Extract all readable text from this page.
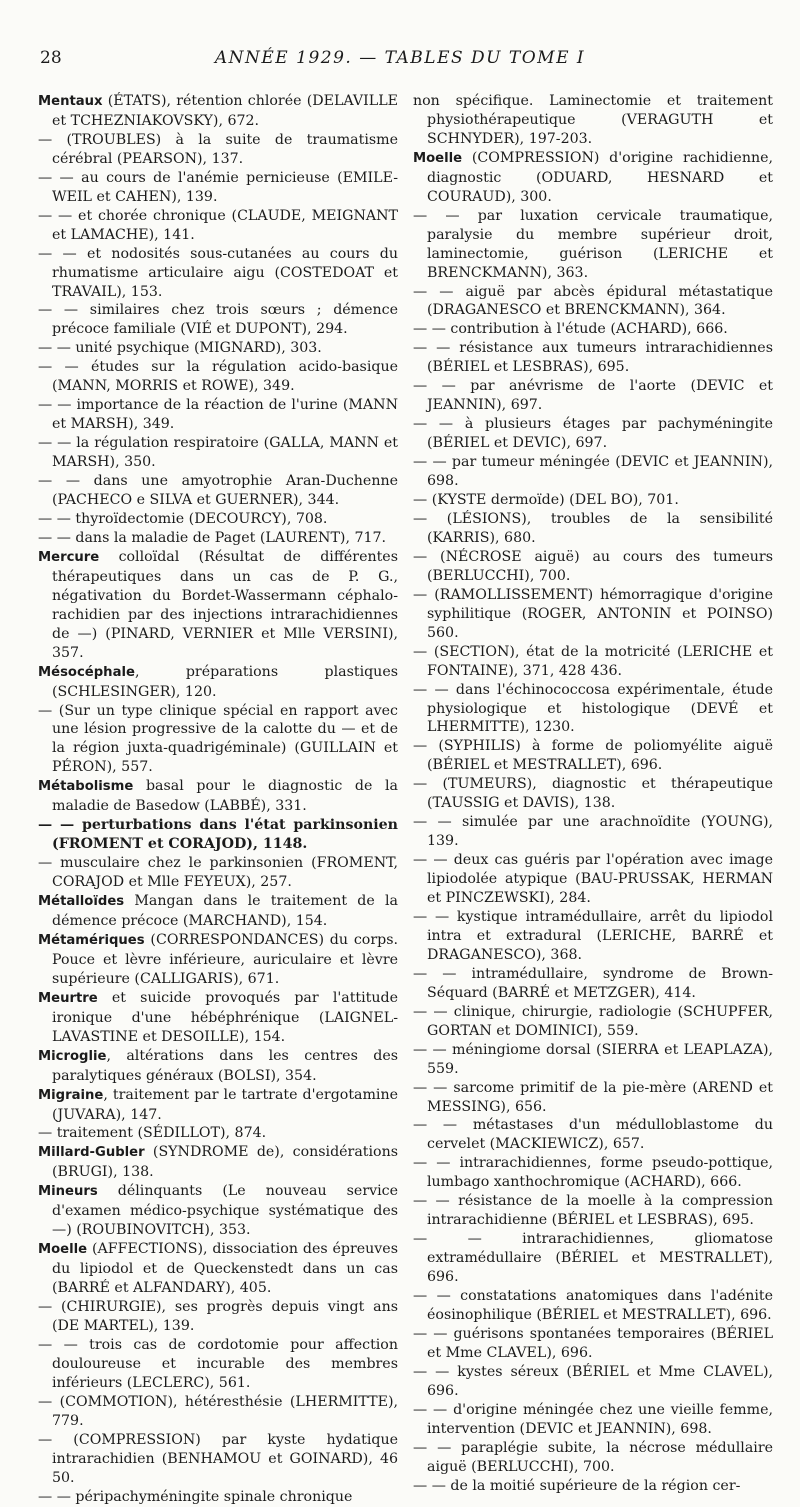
28	ANNÉE 1929. — TABLES DU TOME I

Mentaux (ÉTATS), rétention chlorée (DELAVILLE et TCHEZNIAKOVSKY), 672.

— (TROUBLES) à la suite de traumatisme cérébral (PEARSON), 137.

— — au cours de l'anémie pernicieuse (EMILE-WEIL et CAHEN), 139.

— — et chorée chronique (CLAUDE, MEIGNANT et LAMACHE), 141.

— — et nodosités sous-cutanées au cours du rhumatisme articulaire aigu (COSTEDOAT et TRAVAIL), 153.

— — similaires chez trois sœurs ; démence précoce familiale (VIÉ et DUPONT), 294.

— — unité psychique (MIGNARD), 303.

— — études sur la régulation acido-basique (MANN, MORRIS et ROWE), 349.

— — importance de la réaction de l'urine (MANN et MARSH), 349.

— — la régulation respiratoire (GALLA, MANN et MARSH), 350.

— — dans une amyotrophie Aran-Duchenne (PACHECO e SILVA et GUERNER), 344.

— — thyroïdectomie (DECOURCY), 708.

— — dans la maladie de Paget (LAURENT), 717.

Mercure colloïdal (Résultat de différentes thérapeutiques dans un cas de P. G., négativation du Bordet-Wassermann céphalo-rachidien par des injections intrarachidiennes de —) (PINARD, VERNIER et Mlle VERSINI), 357.

Mésocéphale, préparations plastiques (SCHLESINGER), 120.

— (Sur un type clinique spécial en rapport avec une lésion progressive de la calotte du — et de la région juxta-quadrigéminale) (GUILLAIN et PÉRON), 557.

Métabolisme basal pour le diagnostic de la maladie de Basedow (LABBÉ), 331.

— — perturbations dans l'état parkinsonien (FROMENT et CORAJOD), 1148.

— musculaire chez le parkinsonien (FROMENT, CORAJOD et Mlle FEYEUX), 257.

Métalloïdes Mangan dans le traitement de la démence précoce (MARCHAND), 154.

Métamériques (CORRESPONDANCES) du corps. Pouce et lèvre inférieure, auriculaire et lèvre supérieure (CALLIGARIS), 671.

Meurtre et suicide provoqués par l'attitude ironique d'une hébéphrénique (LAIGNEL-LAVASTINE et DESOILLE), 154.

Microglie, altérations dans les centres des paralytiques généraux (BOLSI), 354.

Migraine, traitement par le tartrate d'ergotamine (JUVARA), 147.

— traitement (SÉDILLOT), 874.

Millard-Gubler (SYNDROME de), considérations (BRUGI), 138.

Mineurs délinquants (Le nouveau service d'examen médico-psychique systématique des —) (ROUBINOVITCH), 353.

Moelle (AFFECTIONS), dissociation des épreuves du lipiodol et de Queckenstedt dans un cas (BARRÉ et ALFANDARY), 405.

— (CHIRURGIE), ses progrès depuis vingt ans (DE MARTEL), 139.

— — trois cas de cordotomie pour affection douloureuse et incurable des membres inférieurs (LECLERC), 561.

— (COMMOTION), hétéresthésie (LHERMITTE), 779.

— (COMPRESSION) par kyste hydatique intrarachidien (BENHAMOU et GOINARD), 46 50.

— — péripachyméningite spinale chronique

non spécifique. Laminectomie et traitement physiothérapeutique (VERAGUTH et SCHNYDER), 197-203.

Moelle (COMPRESSION) d'origine rachidienne, diagnostic (ODUARD, HESNARD et COURAUD), 300.

— — par luxation cervicale traumatique, paralysie du membre supérieur droit, laminectomie, guérison (LERICHE et BRENCKMANN), 363.

— — aiguë par abcès épidural métastatique (DRAGANESCO et BRENCKMANN), 364.

— — contribution à l'étude (ACHARD), 666.

— — résistance aux tumeurs intrarachidiennes (BÉRIEL et LESBRAS), 695.

— — par anévrisme de l'aorte (DEVIC et JEANNIN), 697.

— — à plusieurs étages par pachyméningite (BÉRIEL et DEVIC), 697.

— — par tumeur méningée (DEVIC et JEANNIN), 698.

— (KYSTE dermoïde) (DEL BO), 701.

— (LÉSIONS), troubles de la sensibilité (KARRIS), 680.

— (NÉCROSE aiguë) au cours des tumeurs (BERLUCCHI), 700.

— (RAMOLLISSEMENT) hémorragique d'origine syphilitique (ROGER, ANTONIN et POINSO) 560.

— (SECTION), état de la motricité (LERICHE et FONTAINE), 371, 428 436.

— — dans l'échinococcosa expérimentale, étude physiologique et histologique (DEVÉ et LHERMITTE), 1230.

— (SYPHILIS) à forme de poliomyélite aiguë (BÉRIEL et MESTRALLET), 696.

— (TUMEURS), diagnostic et thérapeutique (TAUSSIG et DAVIS), 138.

— — simulée par une arachnoïdite (YOUNG), 139.

— — deux cas guéris par l'opération avec image lipiodolée atypique (BAU-PRUSSAK, HERMAN et PINCZEWSKI), 284.

— — kystique intramédullaire, arrêt du lipiodol intra et extradural (LERICHE, BARRÉ et DRAGANESCO), 368.

— — intramédullaire, syndrome de Brown-Séquard (BARRÉ et METZGER), 414.

— — clinique, chirurgie, radiologie (SCHUPFER, GORTAN et DOMINICI), 559.

— — méningiome dorsal (SIERRA et LEAPLAZA), 559.

— — sarcome primitif de la pie-mère (AREND et MESSING), 656.

— — métastases d'un médulloblastome du cervelet (MACKIEWICZ), 657.

— — intrarachidiennes, forme pseudo-pottique, lumbago xanthochromique (ACHARD), 666.

— — résistance de la moelle à la compression intrarachidienne (BÉRIEL et LESBRAS), 695.

— — intrarachidiennes, gliomatose extramédullaire (BÉRIEL et MESTRALLET), 696.

— — constatations anatomiques dans l'adénite éosinophilique (BÉRIEL et MESTRALLET), 696.

— — guérisons spontanées temporaires (BÉRIEL et Mme CLAVEL), 696.

— — kystes séreux (BÉRIEL et Mme CLAVEL), 696.

— — d'origine méningée chez une vieille femme, intervention (DEVIC et JEANNIN), 698.

— — paraplégie subite, la nécrose médullaire aiguë (BERLUCCHI), 700.

— — de la moitié supérieure de la région cer-
